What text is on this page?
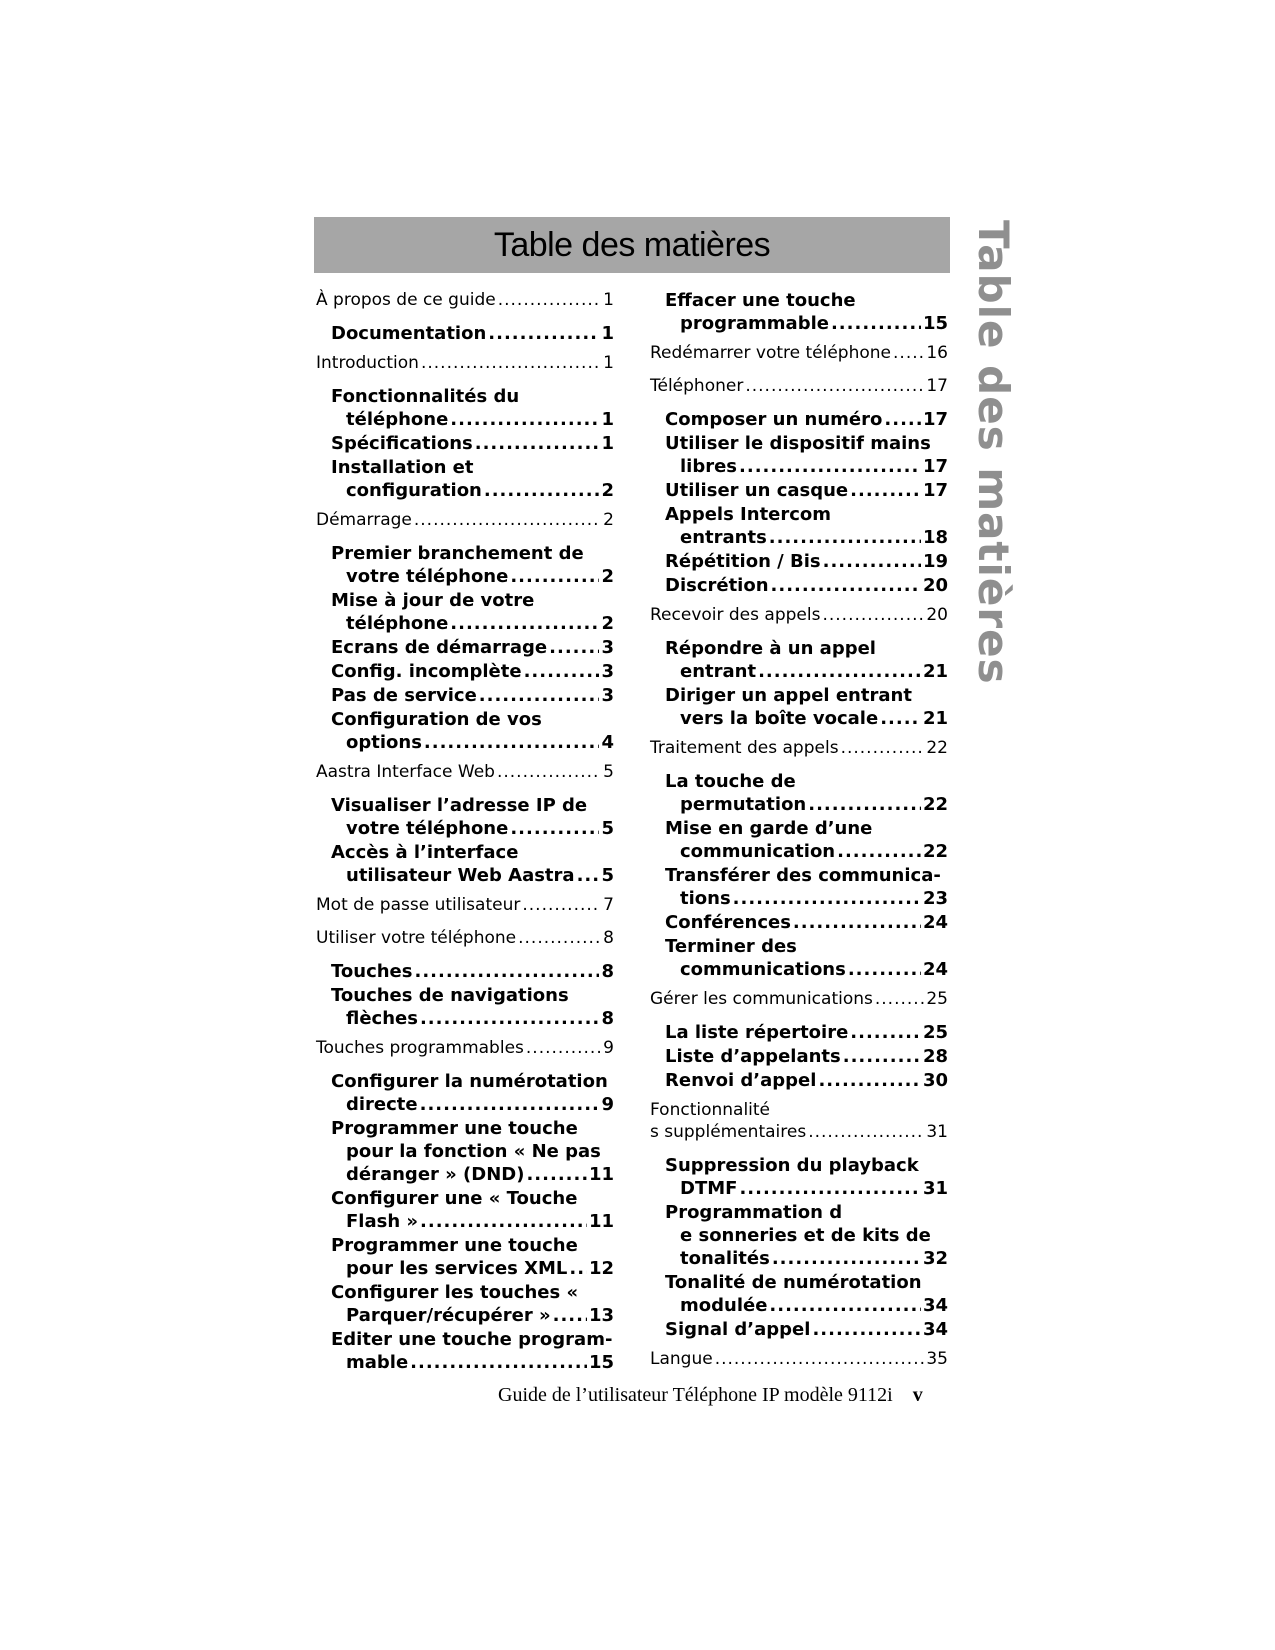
Table des matières	Table des matières
À propos de ce guide .....	1
Documentation .....	1
Introduction .....	1
Fonctionnalités du
téléphone .....	1
Spécifications .....	1
Installation et
configuration .....	2
Démarrage .....	2
Premier branchement de
votre téléphone .....	2
Mise à jour de votre
téléphone .....	2
Ecrans de démarrage .....	3
Config. incomplète .....	3
Pas de service .....	3
Configuration de vos
options .....	4
Aastra Interface Web .....	5
Visualiser l’adresse IP de
votre téléphone .....	5
Accès à l’interface
utilisateur Web Aastra ..... 5
Mot de passe utilisateur .....	7
Utiliser votre téléphone .....	8
Touches .....	8
Touches de navigations
flèches .....	8
Touches programmables .....	9
Configurer la numérotation
directe .....	9
Programmer une touche
pour la fonction « Ne pas
déranger » (DND) .....	11
Configurer une « Touche
Flash » .....	11
Programmer une touche
pour les services XML ..... 12
Configurer les touches «
Parquer/récupérer » ..... 13
Editer une touche program-
mable .....	15
Effacer une touche
programmable .....	15
Redémarrer votre téléphone ..... 16
Téléphoner .....	17
Composer un numéro ..... 17
Utiliser le dispositif mains
libres .....	17
Utiliser un casque .....	17
Appels Intercom
entrants .....	18
Répétition / Bis .....	19
Discrétion .....	20
Recevoir des appels .....	20
Répondre à un appel
entrant .....	21
Diriger un appel entrant
vers la boîte vocale ..... 21
Traitement des appels .....	22
La touche de
permutation .....	22
Mise en garde d’une
communication .....	22
Transférer des communica-
tions .....	23
Conférences .....	24
Terminer des
communications .....	24
Gérer les communications .....	25
La liste répertoire .....	25
Liste d’appelants .....	28
Renvoi d’appel .....	30
Fonctionnalité
s supplémentaires .....	31
Suppression du playback
DTMF .....	31
Programmation d
e sonneries et de kits de
tonalités .....	32
Tonalité de numérotation
modulée .....	34
Signal d’appel .....	34
Langue .....	35
Guide de l’utilisateur Téléphone IP modèle 9112i v
